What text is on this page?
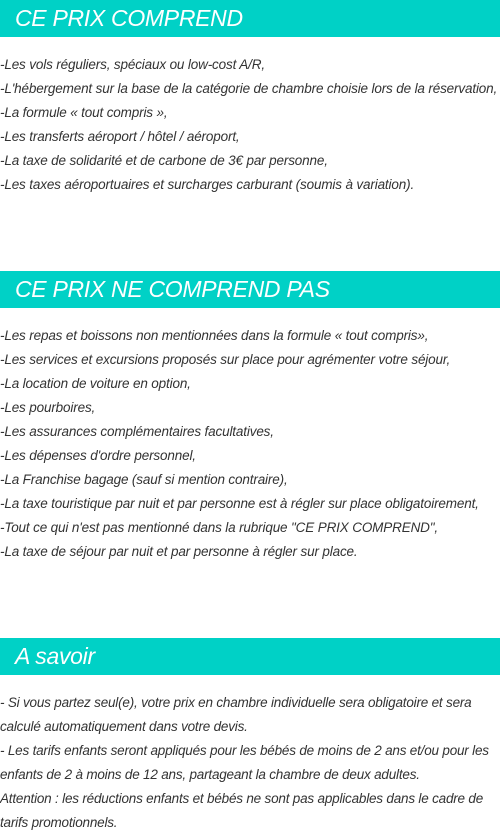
CE PRIX COMPREND
-Les vols réguliers, spéciaux ou low-cost A/R,
-L'hébergement sur la base de la catégorie de chambre choisie lors de la réservation,
-La formule « tout compris »,
-Les transferts aéroport / hôtel / aéroport,
-La taxe de solidarité et de carbone de 3€ par personne,
-Les taxes aéroportuaires et surcharges carburant (soumis à variation).
CE PRIX NE COMPREND PAS
-Les repas et boissons non mentionnées dans la formule « tout compris»,
-Les services et excursions proposés sur place pour agrémenter votre séjour,
-La location de voiture en option,
-Les pourboires,
-Les assurances complémentaires facultatives,
-Les dépenses d'ordre personnel,
-La Franchise bagage (sauf si mention contraire),
-La taxe touristique par nuit et par personne est à régler sur place obligatoirement,
-Tout ce qui n'est pas mentionné dans la rubrique "CE PRIX COMPREND",
-La taxe de séjour par nuit et par personne à régler sur place.
A savoir
- Si vous partez seul(e), votre prix en chambre individuelle sera obligatoire et sera calculé automatiquement dans votre devis.
- Les tarifs enfants seront appliqués pour les bébés de moins de 2 ans et/ou pour les enfants de 2 à moins de 12 ans, partageant la chambre de deux adultes.
Attention : les réductions enfants et bébés ne sont pas applicables dans le cadre de tarifs promotionnels.
